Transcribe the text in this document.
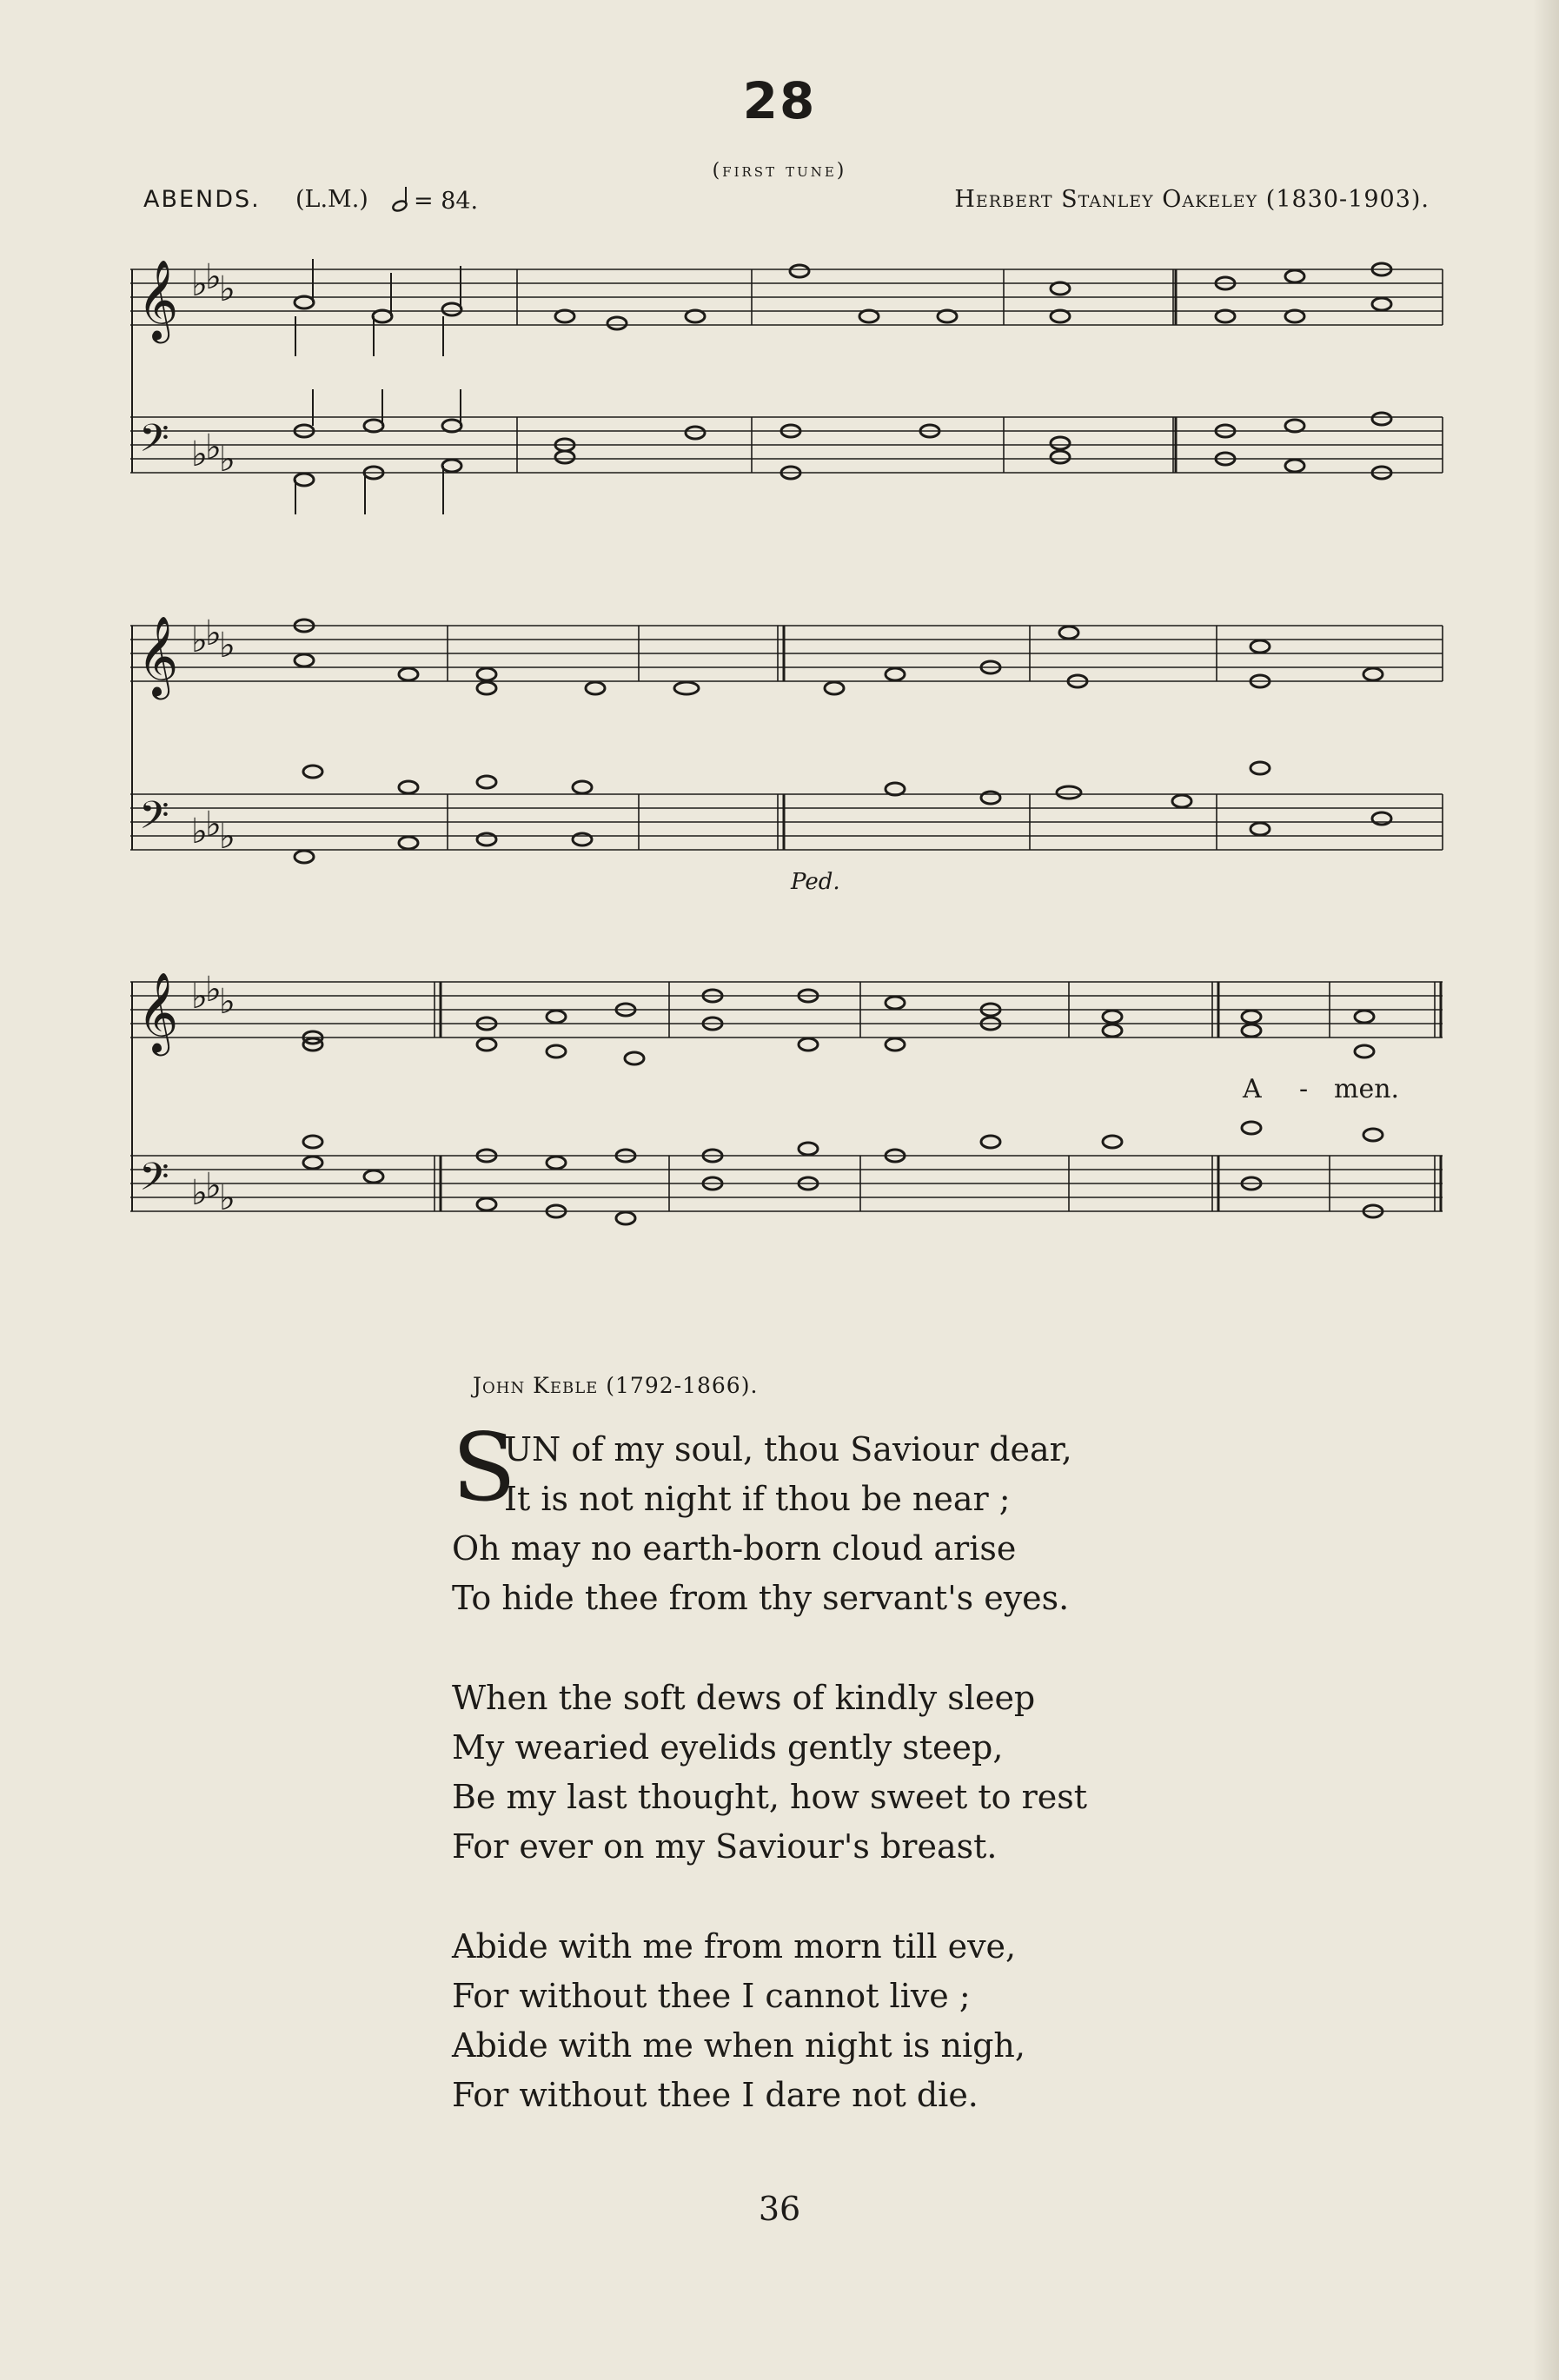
28
(first tune)
ABENDS. (L.M.)	= 84.	Herbert Stanley Oakeley (1830-1903).
𝄞
𝄢
♭
♭
♭
♭
♭
♭
𝄞
𝄢
♭
♭
♭
♭
♭
♭
Ped.
𝄞
𝄢
♭
♭
♭
♭
♭
♭
A - men.
John Keble (1792-1866).
S
UN of my soul, thou Saviour dear,
It is not night if thou be near ;
Oh may no earth-born cloud arise
To hide thee from thy servant's eyes.
When the soft dews of kindly sleep
My wearied eyelids gently steep,
Be my last thought, how sweet to rest
For ever on my Saviour's breast.
Abide with me from morn till eve,
For without thee I cannot live ;
Abide with me when night is nigh,
For without thee I dare not die.
36
